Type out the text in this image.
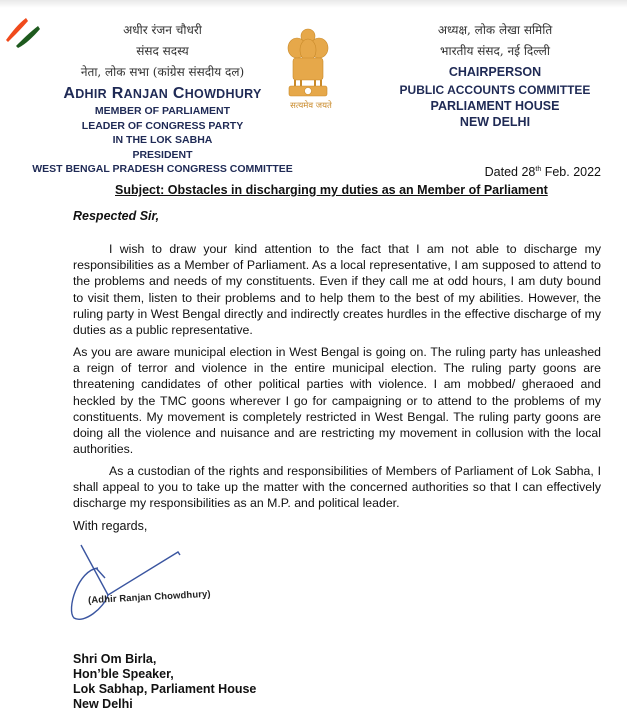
अधीर रंजन चौधरी
संसद सदस्य
नेता, लोक सभा (कांग्रेस संसदीय दल)
ADHIR RANJAN CHOWDHURY
MEMBER OF PARLIAMENT
LEADER OF CONGRESS PARTY
IN THE LOK SABHA
PRESIDENT
WEST BENGAL PRADESH CONGRESS COMMITTEE
सत्यमेव जयते
अध्यक्ष, लोक लेखा समिति
भारतीय संसद, नई दिल्ली
CHAIRPERSON
PUBLIC ACCOUNTS COMMITTEE
PARLIAMENT HOUSE
NEW DELHI
Dated 28th Feb. 2022
Subject: Obstacles in discharging my duties as an Member of Parliament
Respected Sir,
I wish to draw your kind attention to the fact that I am not able to discharge my responsibilities as a Member of Parliament. As a local representative, I am supposed to attend to the problems and needs of my constituents. Even if they call me at odd hours, I am duty bound to visit them, listen to their problems and to help them to the best of my abilities. However, the ruling party in West Bengal directly and indirectly creates hurdles in the effective discharge of my duties as a public representative.
As you are aware municipal election in West Bengal is going on. The ruling party has unleashed a reign of terror and violence in the entire municipal election. The ruling party goons are threatening candidates of other political parties with violence. I am mobbed/ gheraoed and heckled by the TMC goons wherever I go for campaigning or to attend to the problems of my constituents. My movement is completely restricted in West Bengal. The ruling party goons are doing all the violence and nuisance and are restricting my movement in collusion with the local authorities.
As a custodian of the rights and responsibilities of Members of Parliament of Lok Sabha, I shall appeal to you to take up the matter with the concerned authorities so that I can effectively discharge my responsibilities as an M.P. and political leader.
With regards,
(Adhir Ranjan Chowdhury)
Shri Om Birla,
Hon’ble Speaker,
Lok Sabhap, Parliament House
New Delhi
